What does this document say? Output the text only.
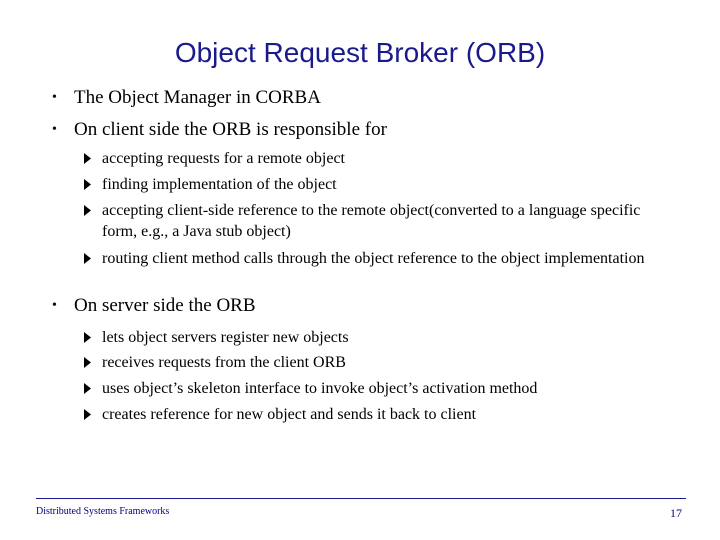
Object Request Broker (ORB)
• The Object Manager in CORBA
• On client side the ORB is responsible for
accepting requests for a remote object
finding implementation of the object
accepting client-side reference to the remote object(converted to a language specific form, e.g., a Java stub object)
routing client method calls through the object reference to the object implementation
• On server side the ORB
lets object servers register new objects
receives requests from the client ORB
uses object’s skeleton interface to invoke object’s activation method
creates reference for new object and sends it back to client
Distributed Systems Frameworks	17
